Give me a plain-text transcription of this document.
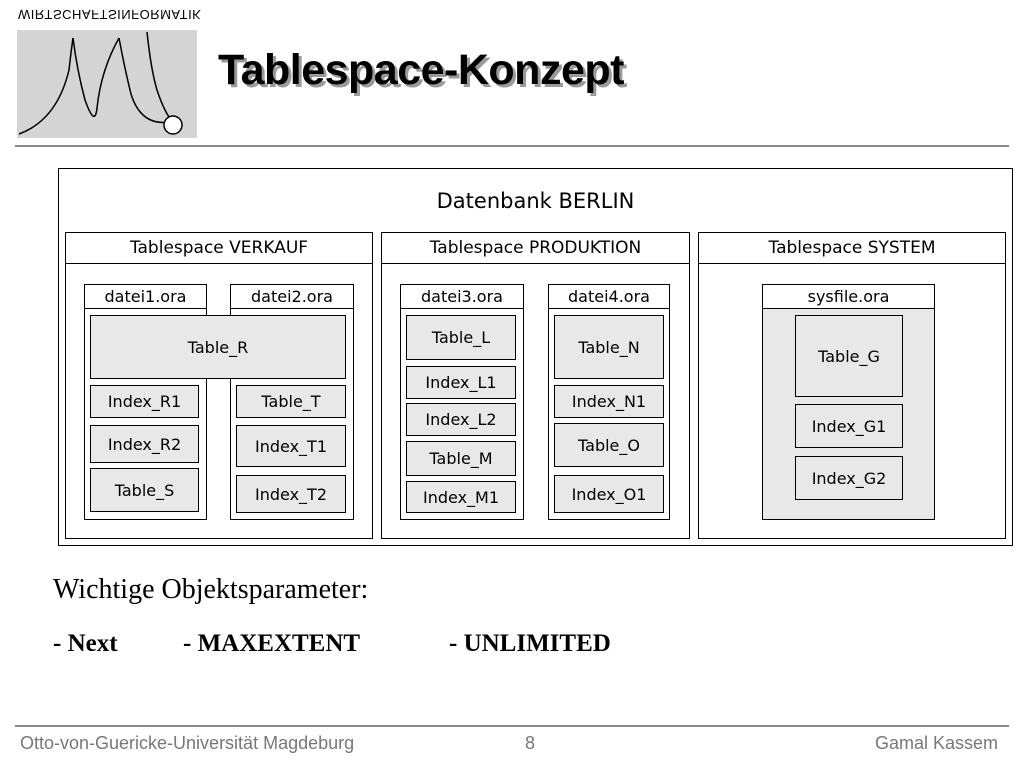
WIRTSCHAFTSINFORMATIK
Tablespace-Konzept
Datenbank BERLIN
Tablespace VERKAUF
datei1.ora	datei2.ora
Table_R
Index_R1
Index_R2
Table_S
Table_T
Index_T1
Index_T2
Tablespace PRODUKTION
datei3.ora	datei4.ora
Table_L
Index_L1
Index_L2
Table_M
Index_M1
Table_N
Index_N1
Table_O
Index_O1
Tablespace SYSTEM
sysfile.ora
Table_G
Index_G1
Index_G2
Wichtige Objektsparameter:
- Next	- MAXEXTENT	- UNLIMITED
Otto-von-Guericke-Universität Magdeburg	8	Gamal Kassem
